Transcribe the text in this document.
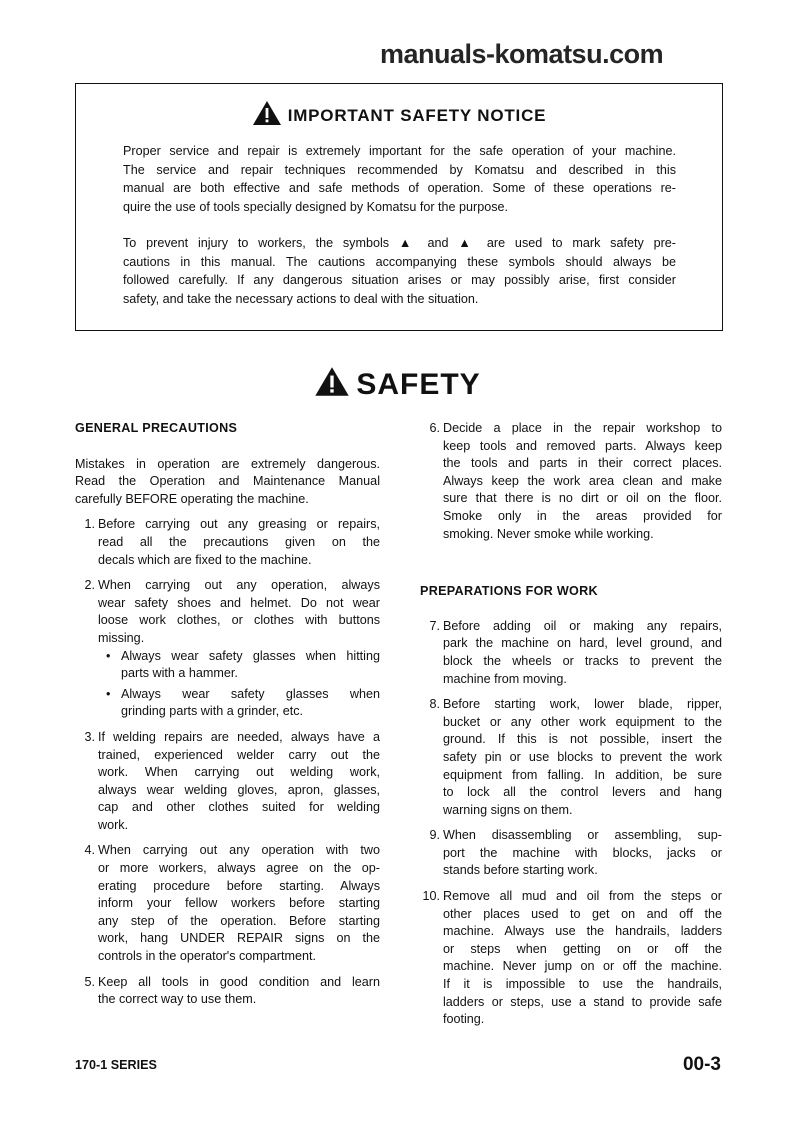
manuals-komatsu.com
IMPORTANT SAFETY NOTICE
Proper service and repair is extremely important for the safe operation of your machine.
The service and repair techniques recommended by Komatsu and described in this
manual are both effective and safe methods of operation. Some of these operations re-
quire the use of tools specially designed by Komatsu for the purpose.
To prevent injury to workers, the symbols ▲ and ▲ are used to mark safety pre-
cautions in this manual. The cautions accompanying these symbols should always be
followed carefully. If any dangerous situation arises or may possibly arise, first consider
safety, and take the necessary actions to deal with the situation.
SAFETY
GENERAL PRECAUTIONS
Mistakes in operation are extremely dangerous.
Read the Operation and Maintenance Manual
carefully BEFORE operating the machine.
1. Before carrying out any greasing or repairs,
read all the precautions given on the
decals which are fixed to the machine.
2. When carrying out any operation, always
wear safety shoes and helmet. Do not wear
loose work clothes, or clothes with buttons
missing.
• Always wear safety glasses when hitting
parts with a hammer.
• Always wear safety glasses when
grinding parts with a grinder, etc.
3. If welding repairs are needed, always have a
trained, experienced welder carry out the
work. When carrying out welding work,
always wear welding gloves, apron, glasses,
cap and other clothes suited for welding
work.
4. When carrying out any operation with two
or more workers, always agree on the op-
erating procedure before starting. Always
inform your fellow workers before starting
any step of the operation. Before starting
work, hang UNDER REPAIR signs on the
controls in the operator's compartment.
5. Keep all tools in good condition and learn
the correct way to use them.
6. Decide a place in the repair workshop to
keep tools and removed parts. Always keep
the tools and parts in their correct places.
Always keep the work area clean and make
sure that there is no dirt or oil on the floor.
Smoke only in the areas provided for
smoking. Never smoke while working.
PREPARATIONS FOR WORK
7. Before adding oil or making any repairs,
park the machine on hard, level ground, and
block the wheels or tracks to prevent the
machine from moving.
8. Before starting work, lower blade, ripper,
bucket or any other work equipment to the
ground. If this is not possible, insert the
safety pin or use blocks to prevent the work
equipment from falling. In addition, be sure
to lock all the control levers and hang
warning signs on them.
9. When disassembling or assembling, sup-
port the machine with blocks, jacks or
stands before starting work.
10. Remove all mud and oil from the steps or
other places used to get on and off the
machine. Always use the handrails, ladders
or steps when getting on or off the
machine. Never jump on or off the machine.
If it is impossible to use the handrails,
ladders or steps, use a stand to provide safe
footing.
170-1 SERIES	00-3
